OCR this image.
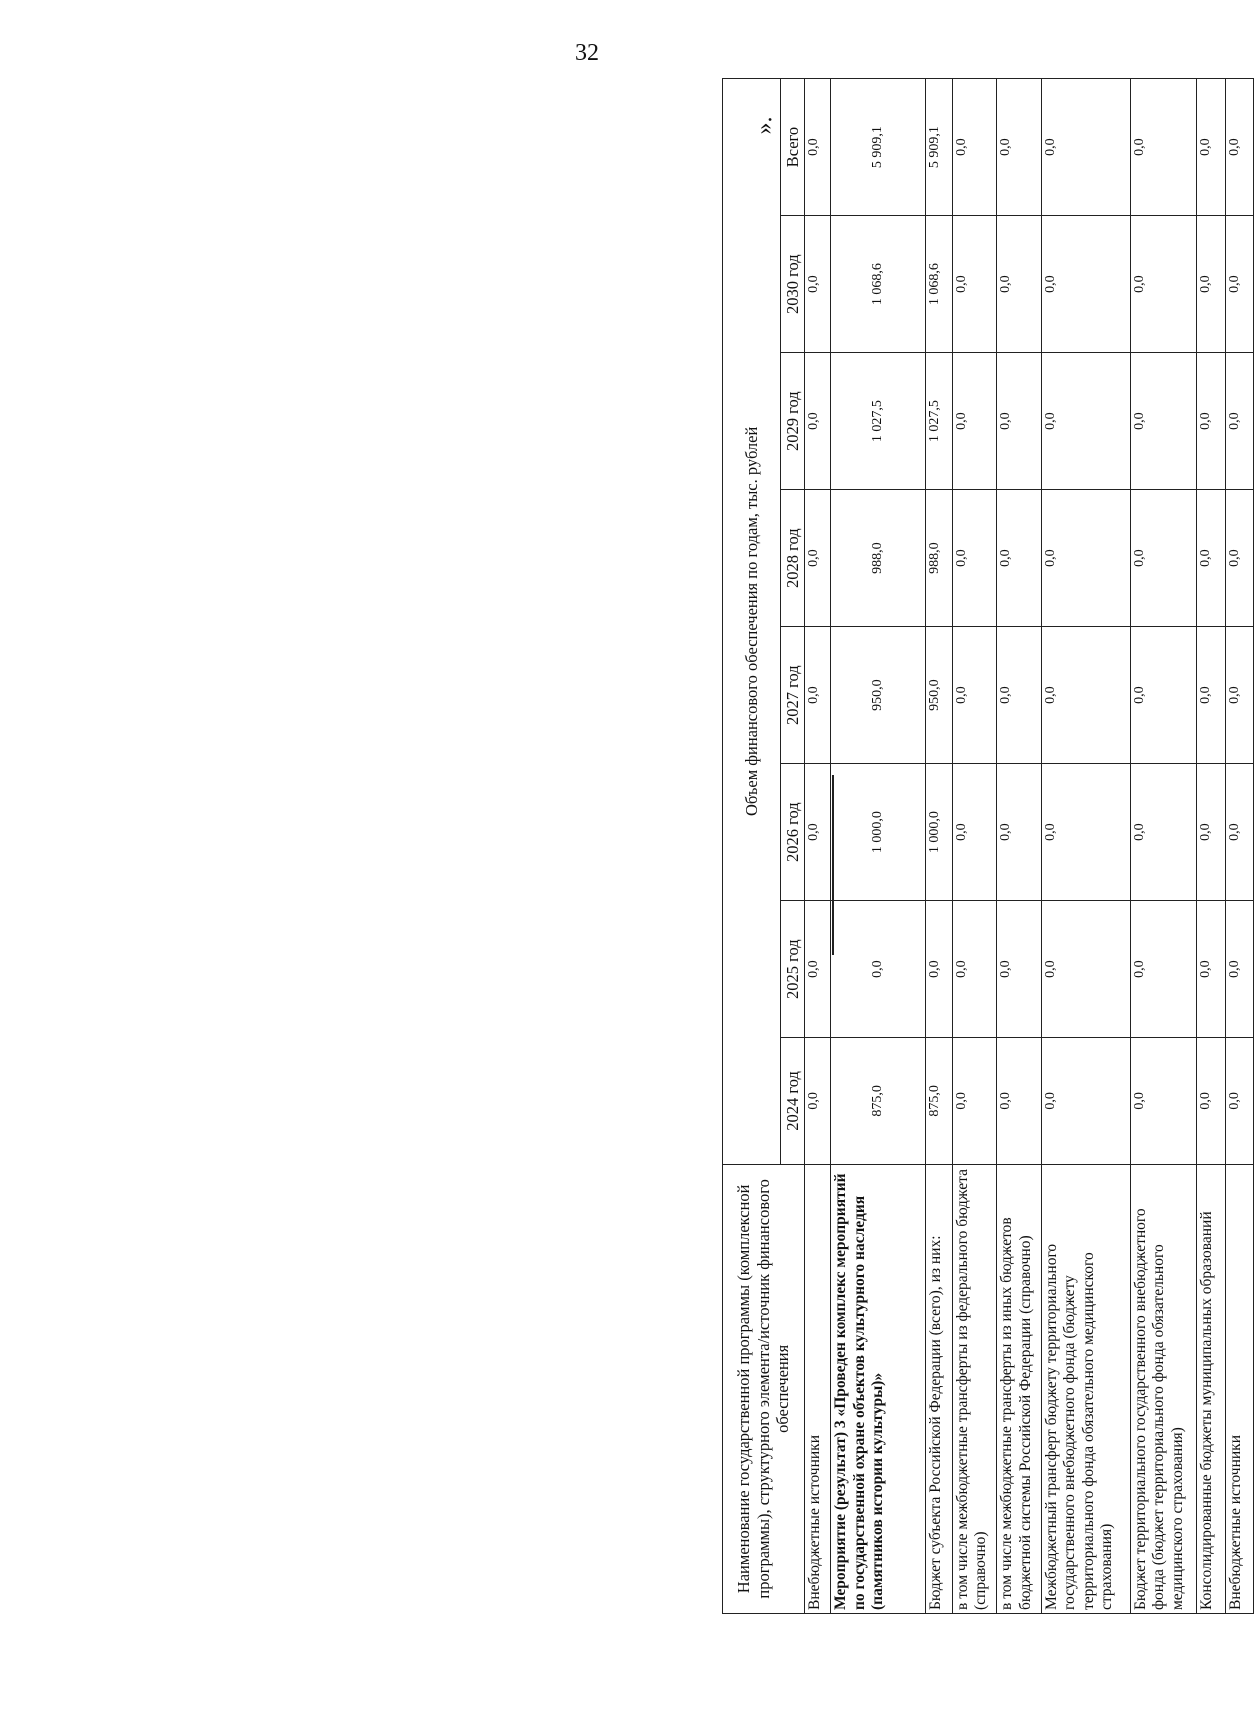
32
».
Наименование государственной программы (комплексной программы), структурного элемента/источник финансового обеспечения	Объем финансового обеспечения по годам, тыс. рублей							
	2024 год	2025 год	2026 год	2027 год	2028 год	2029 год	2030 год	Всего
Внебюджетные источники	0,0	0,0	0,0	0,0	0,0	0,0	0,0	0,0
Мероприятие (результат) 3 «Проведен комплекс мероприятий по государственной охране объектов культурного наследия (памятников истории культуры)»	875,0	0,0	1 000,0	950,0	988,0	1 027,5	1 068,6	5 909,1
Бюджет субъекта Российской Федерации (всего), из них:	875,0	0,0	1 000,0	950,0	988,0	1 027,5	1 068,6	5 909,1
в том числе межбюджетные трансферты из федерального бюджета (справочно)	0,0	0,0	0,0	0,0	0,0	0,0	0,0	0,0
в том числе межбюджетные трансферты из иных бюджетов бюджетной системы Российской Федерации (справочно)	0,0	0,0	0,0	0,0	0,0	0,0	0,0	0,0
Межбюджетный трансферт бюджету территориального государственного внебюджетного фонда (бюджету территориального фонда обязательного медицинского страхования)	0,0	0,0	0,0	0,0	0,0	0,0	0,0	0,0
Бюджет территориального государственного внебюджетного фонда (бюджет территориального фонда обязательного медицинского страхования)	0,0	0,0	0,0	0,0	0,0	0,0	0,0	0,0
Консолидированные бюджеты муниципальных образований	0,0	0,0	0,0	0,0	0,0	0,0	0,0	0,0
Внебюджетные источники	0,0	0,0	0,0	0,0	0,0	0,0	0,0	0,0
